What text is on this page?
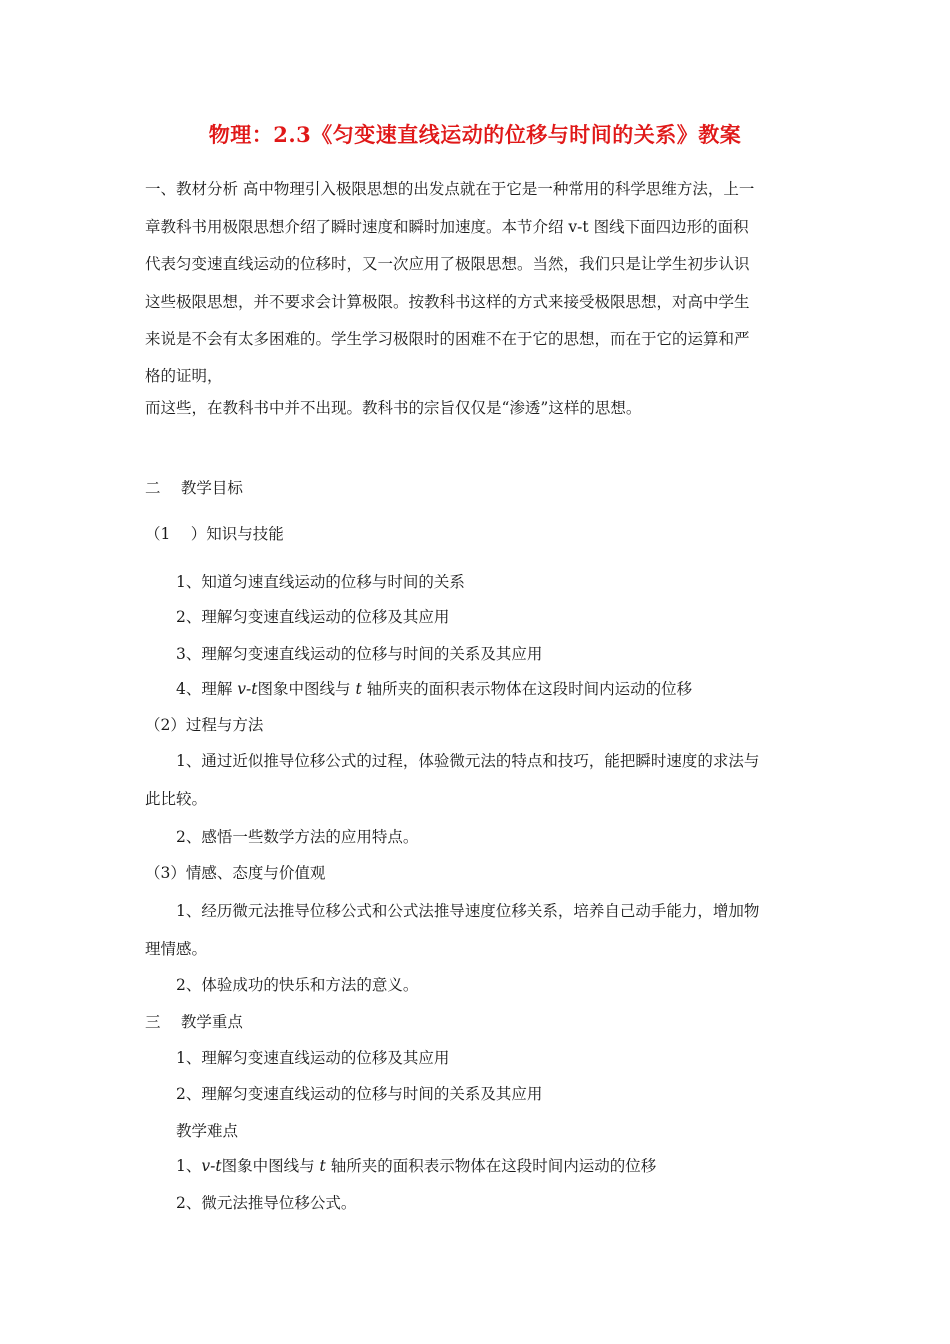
物理：2.3《匀变速直线运动的位移与时间的关系》教案
一、教材分析 高中物理引入极限思想的出发点就在于它是一种常用的科学思维方法，上一
章教科书用极限思想介绍了瞬时速度和瞬时加速度。本节介绍 v-t 图线下面四边形的面积
代表匀变速直线运动的位移时，又一次应用了极限思想。当然，我们只是让学生初步认识
这些极限思想，并不要求会计算极限。按教科书这样的方式来接受极限思想，对高中学生
来说是不会有太多困难的。学生学习极限时的困难不在于它的思想，而在于它的运算和严
格的证明，
而这些，在教科书中并不出现。教科书的宗旨仅仅是“渗透”这样的思想。
二　 教学目标
（1　 ）知识与技能
1、知道匀速直线运动的位移与时间的关系
2、理解匀变速直线运动的位移及其应用
3、理解匀变速直线运动的位移与时间的关系及其应用
4、理解 v-t图象中图线与 t 轴所夹的面积表示物体在这段时间内运动的位移
（2）过程与方法
1、通过近似推导位移公式的过程，体验微元法的特点和技巧，能把瞬时速度的求法与
此比较。
2、感悟一些数学方法的应用特点。
（3）情感、态度与价值观
1、经历微元法推导位移公式和公式法推导速度位移关系，培养自己动手能力，增加物
理情感。
2、体验成功的快乐和方法的意义。
三　 教学重点
1、理解匀变速直线运动的位移及其应用
2、理解匀变速直线运动的位移与时间的关系及其应用
教学难点
1、v-t图象中图线与 t 轴所夹的面积表示物体在这段时间内运动的位移
2、微元法推导位移公式。
